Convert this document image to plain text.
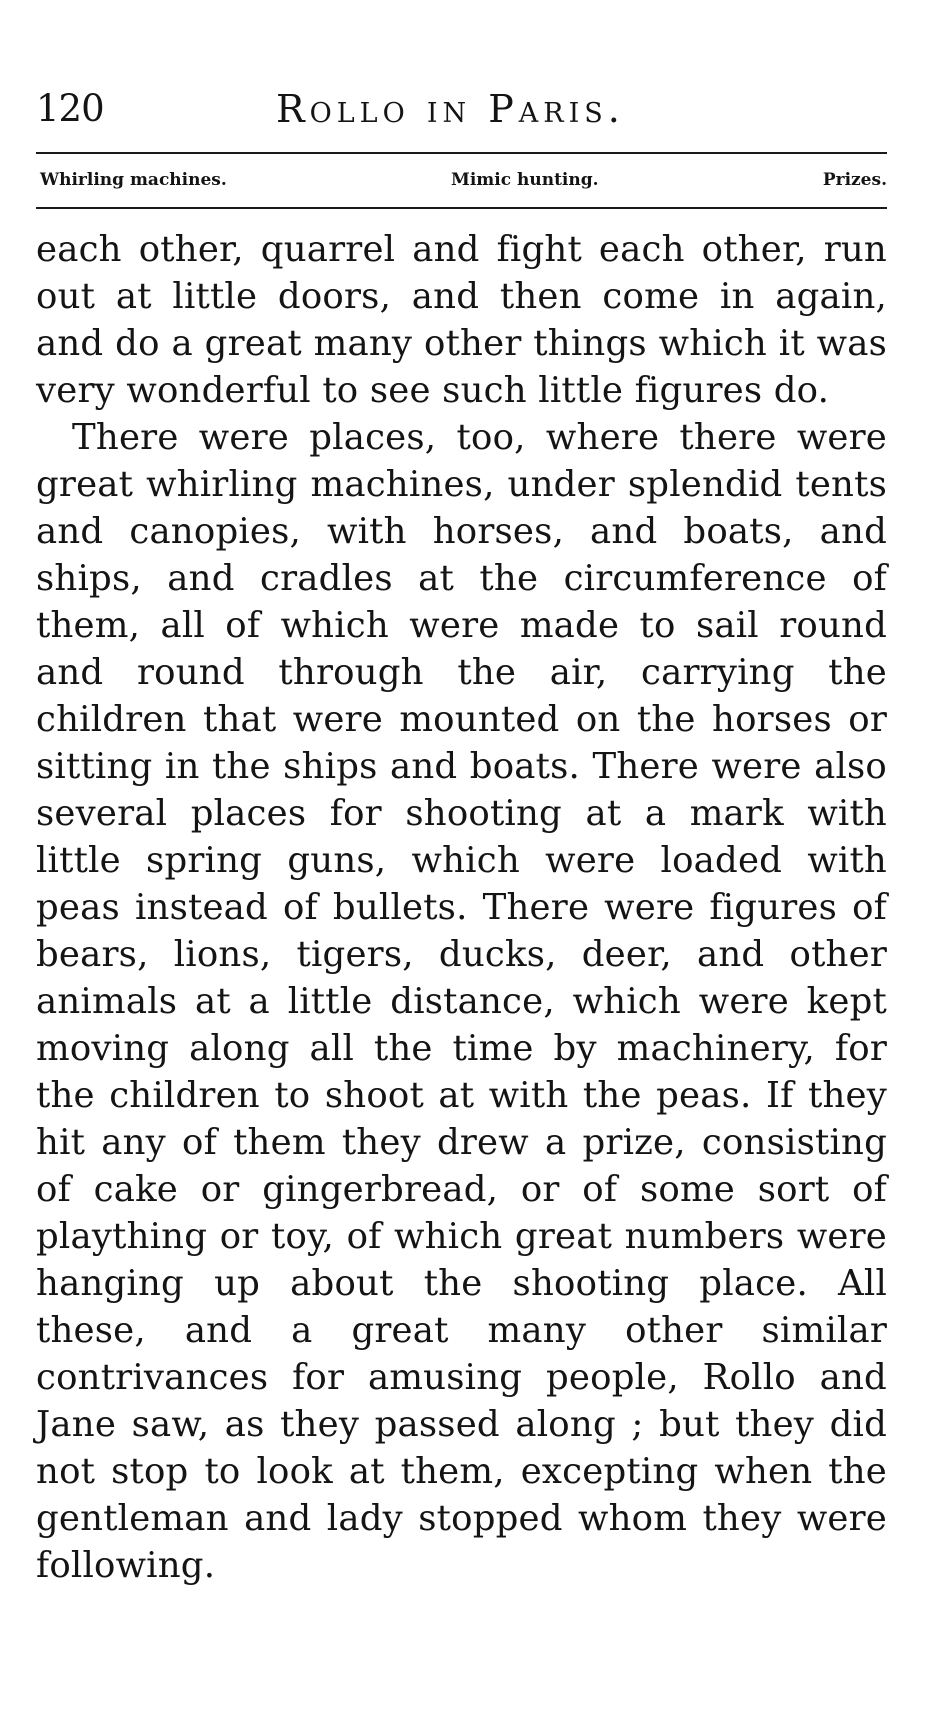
120	Rollo in Paris.
Whirling machines.	Mimic hunting.	Prizes.

each other, quarrel and fight each other, run out at little doors, and then come in again, and do a great many other things which it was very wonderful to see such little figures do.

There were places, too, where there were great whirling machines, under splendid tents and canopies, with horses, and boats, and ships, and cradles at the circumference of them, all of which were made to sail round and round through the air, carrying the children that were mounted on the horses or sitting in the ships and boats. There were also several places for shooting at a mark with little spring guns, which were loaded with peas instead of bullets. There were figures of bears, lions, tigers, ducks, deer, and other animals at a little distance, which were kept moving along all the time by machinery, for the children to shoot at with the peas. If they hit any of them they drew a prize, consisting of cake or gingerbread, or of some sort of plaything or toy, of which great numbers were hanging up about the shooting place. All these, and a great many other similar contrivances for amusing people, Rollo and Jane saw, as they passed along ; but they did not stop to look at them, excepting when the gentleman and lady stopped whom they were following.
